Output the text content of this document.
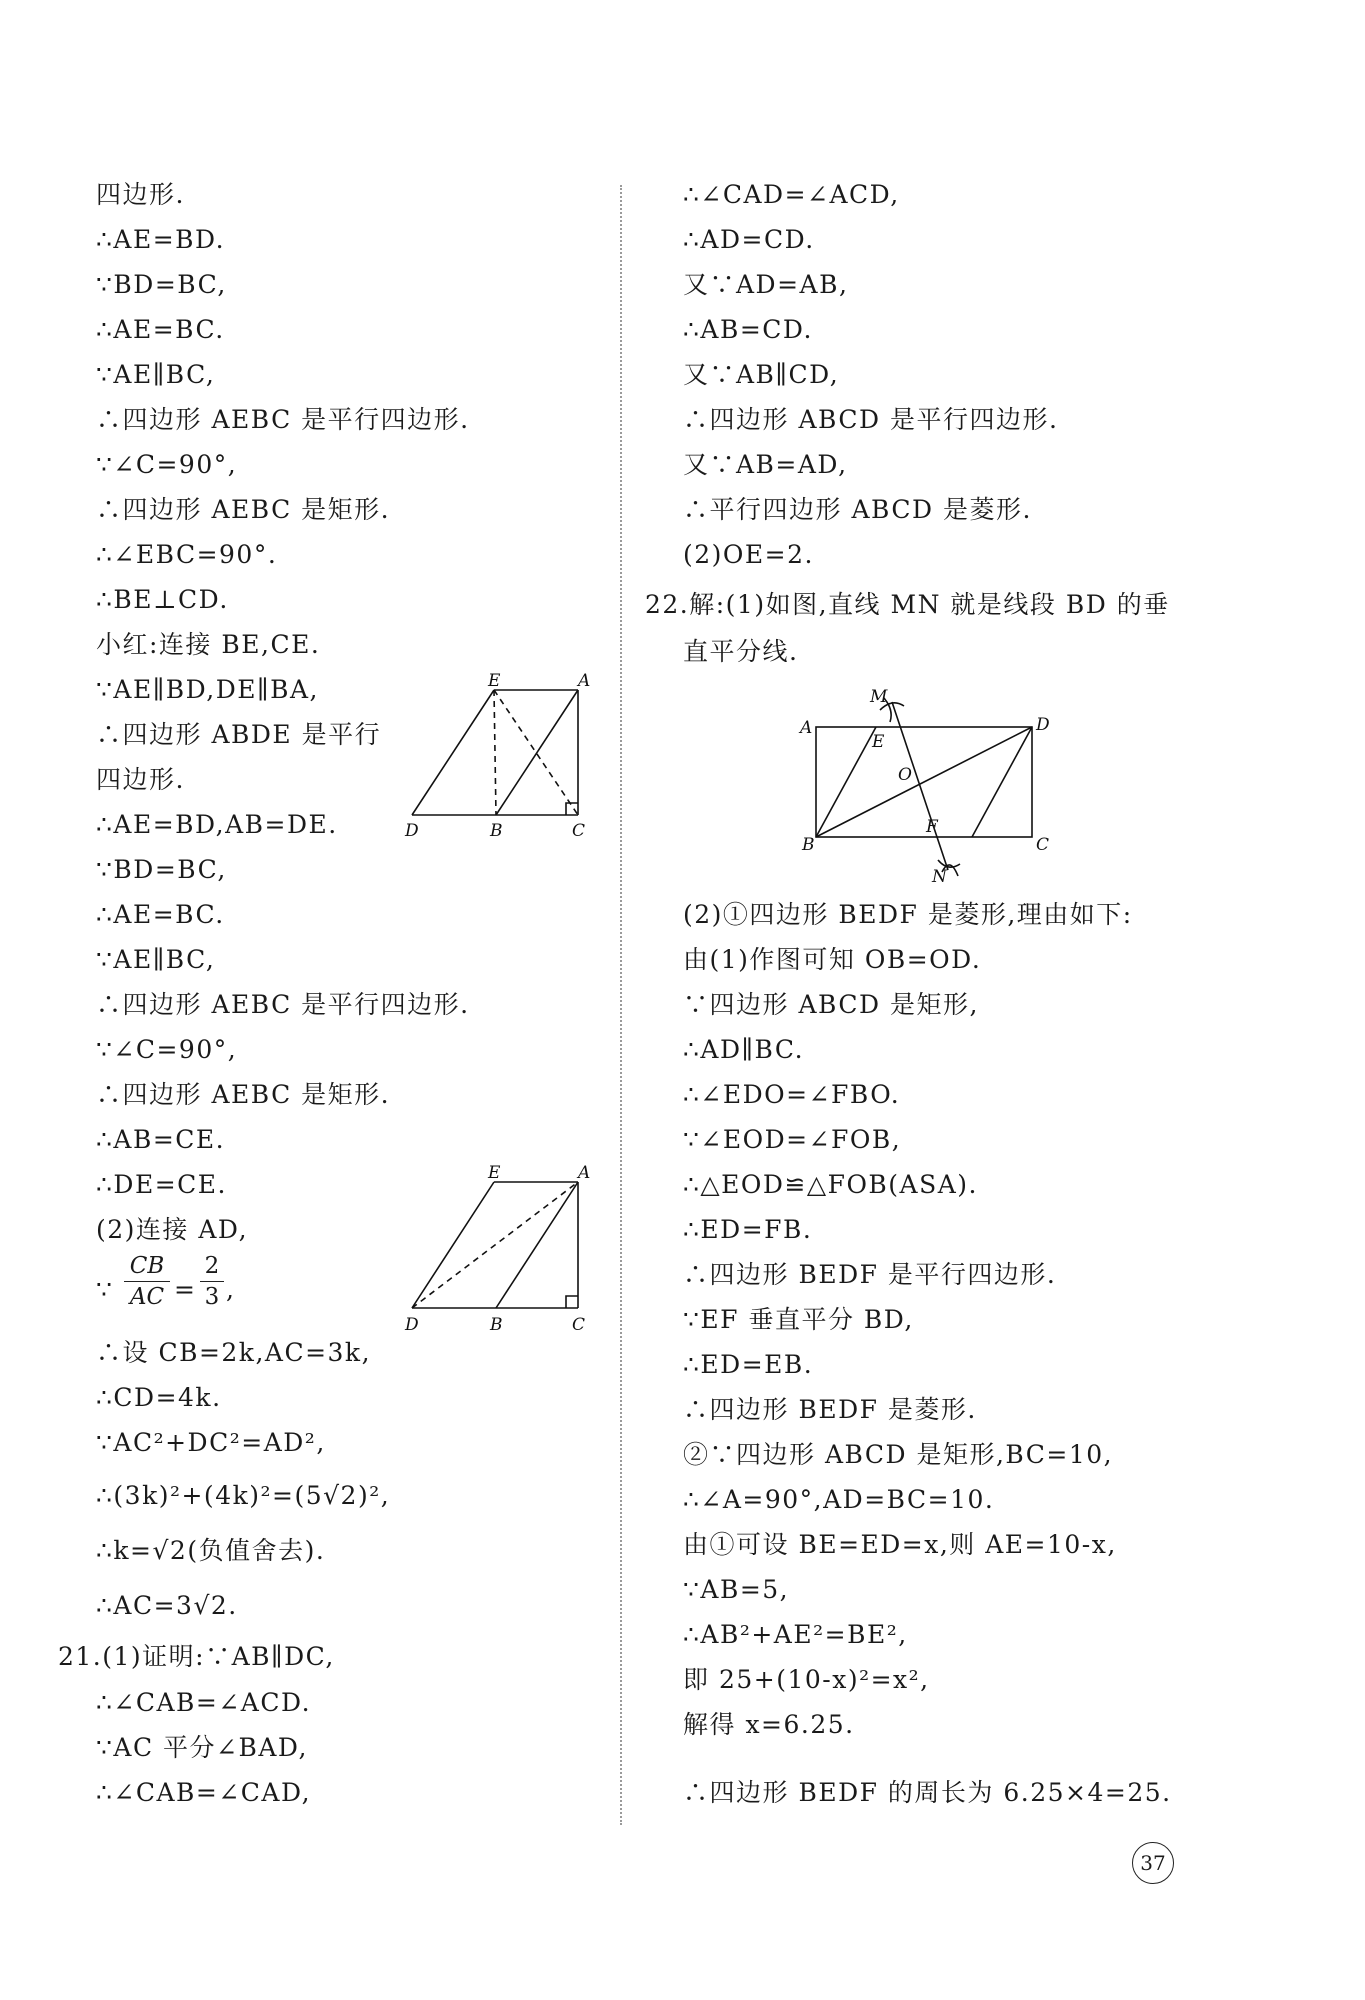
四边形.
∴AE=BD.
∵BD=BC,
∴AE=BC.
∵AE∥BC,
∴四边形 AEBC 是平行四边形.
∵∠C=90°,
∴四边形 AEBC 是矩形.
∴∠EBC=90°.
∴BE⊥CD.
小红:连接 BE,CE.
∵AE∥BD,DE∥BA,
∴四边形 ABDE 是平行
四边形.
∴AE=BD,AB=DE.
∵BD=BC,
∴AE=BC.
∵AE∥BC,
∴四边形 AEBC 是平行四边形.
∵∠C=90°,
∴四边形 AEBC 是矩形.
∴AB=CE.
∴DE=CE.
(2)连接 AD,
∵ $\frac{CB}{AC} = \frac{2}{3}$ ,
∴设 CB=2k,AC=3k,
∴CD=4k.
∵AC²+DC²=AD²,
∴(3k)²+(4k)²=(5√2)²,
∴k=√2(负值舍去).
∴AC=3√2.
21.(1)证明:∵AB∥DC,
∴∠CAB=∠ACD.
∵AC 平分∠BAD,
∴∠CAB=∠CAD,
E	A
D	B	C
E	A
D	B	C
∴∠CAD=∠ACD,
∴AD=CD.
又∵AD=AB,
∴AB=CD.
又∵AB∥CD,
∴四边形 ABCD 是平行四边形.
又∵AB=AD,
∴平行四边形 ABCD 是菱形.
(2)OE=2.
22.解:(1)如图,直线 MN 就是线段 BD 的垂
直平分线.
M
A
E
D
O
B
F
C
N
(2)①四边形 BEDF 是菱形,理由如下:
由(1)作图可知 OB=OD.
∵四边形 ABCD 是矩形,
∴AD∥BC.
∴∠EDO=∠FBO.
∵∠EOD=∠FOB,
∴△EOD≌△FOB(ASA).
∴ED=FB.
∴四边形 BEDF 是平行四边形.
∵EF 垂直平分 BD,
∴ED=EB.
∴四边形 BEDF 是菱形.
②∵四边形 ABCD 是矩形,BC=10,
∴∠A=90°,AD=BC=10.
由①可设 BE=ED=x,则 AE=10-x,
∵AB=5,
∴AB²+AE²=BE²,
即 25+(10-x)²=x²,
解得 x=6.25.
∴四边形 BEDF 的周长为 6.25×4=25.
37
